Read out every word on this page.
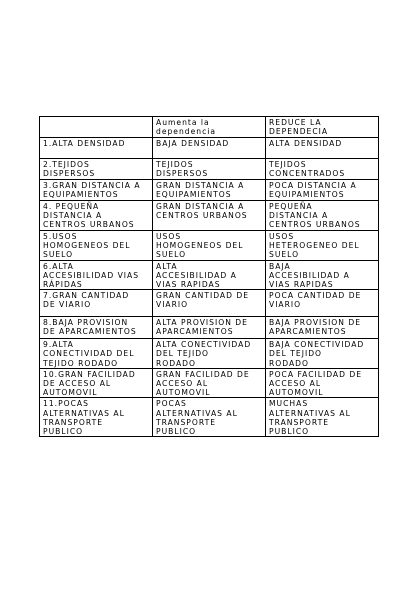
	Aumenta la
dependencia	REDUCE LA
DEPENDECIA
1.ALTA DENSIDAD	BAJA DENSIDAD	ALTA DENSIDAD
2.TEJIDOS
DISPERSOS	TEJIDOS
DISPERSOS	TEJIDOS
CONCENTRADOS
3.GRAN DISTANCIA A
EQUIPAMIENTOS	GRAN DISTANCIA A
EQUIPAMIENTOS	POCA DISTANCIA A
EQUIPAMIENTOS
4. PEQUEÑA
DISTANCIA A
CENTROS URBANOS	GRAN DISTANCIA A
CENTROS URBANOS	PEQUEÑA
DISTANCIA A
CENTROS URBANOS
5.USOS
HOMOGENEOS DEL
SUELO	USOS
HOMOGENEOS DEL
SUELO	USOS
HETEROGENEO DEL
SUELO
6.ALTA
ACCESIBILIDAD VIAS
RÁPIDAS	ALTA
ACCESIBILIDAD A
VIAS RAPIDAS	BAJA
ACCESIBILIDAD A
VIAS RAPIDAS
7.GRAN CANTIDAD
DE VIARIO	GRAN CANTIDAD DE
VIARIO	POCA CANTIDAD DE
VIARIO
8.BAJA PROVISION
DE APARCAMIENTOS	ALTA PROVISION DE
APARCAMIENTOS	BAJA PROVISION DE
APARCAMIENTOS
9.ALTA
CONECTIVIDAD DEL
TEJIDO RODADO	ALTA CONECTIVIDAD
DEL TEJIDO
RODADO	BAJA CONECTIVIDAD
DEL TEJIDO
RODADO
10.GRAN FACILIDAD
DE ACCESO AL
AUTOMOVIL	GRAN FACILIDAD DE
ACCESO AL
AUTOMOVIL	POCA FACILIDAD DE
ACCESO AL
AUTOMOVIL
11.POCAS
ALTERNATIVAS AL
TRANSPORTE
PUBLICO	POCAS
ALTERNATIVAS AL
TRANSPORTE
PUBLICO	MUCHAS
ALTERNATIVAS AL
TRANSPORTE
PUBLICO
